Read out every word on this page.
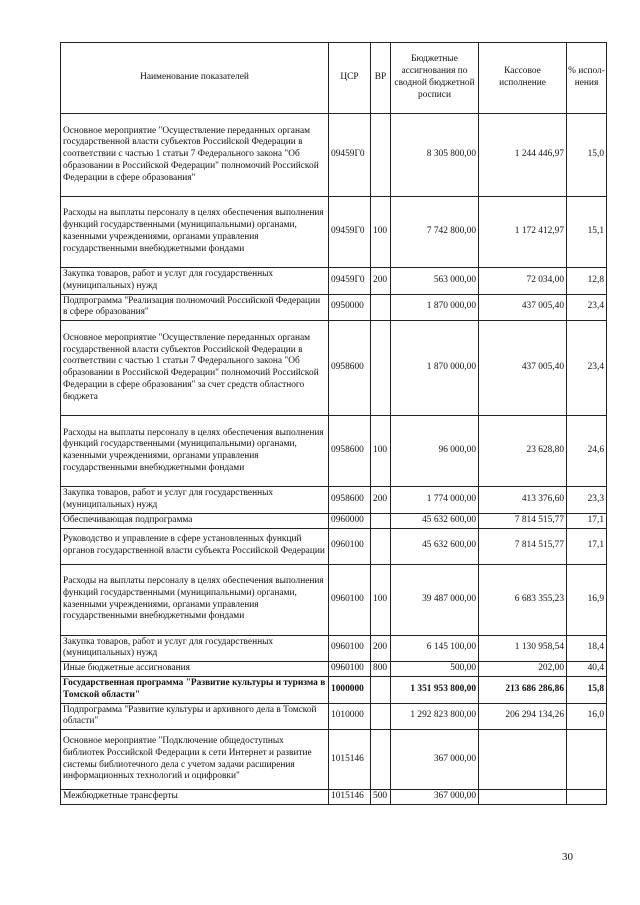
Наименование показателей	ЦСР	ВР	Бюджетные ассигнования по сводной бюджетной росписи	Кассовое исполнение	% испол-нения
Основное мероприятие "Осуществление переданных органам государственной власти субъектов Российской Федерации в соответствии с частью 1 статьи 7 Федерального закона "Об образовании в Российской Федерации" полномочий Российской Федерации в сфере образования"	09459Г0		8 305 800,00	1 244 446,97	15,0
Расходы на выплаты персоналу в целях обеспечения выполнения функций государственными (муниципальными) органами, казенными учреждениями, органами управления государственными внебюджетными фондами	09459Г0	100	7 742 800,00	1 172 412,97	15,1
Закупка товаров, работ и услуг для государственных (муниципальных) нужд	09459Г0	200	563 000,00	72 034,00	12,8
Подпрограмма "Реализация полномочий Российской Федерации в сфере образования"	0950000		1 870 000,00	437 005,40	23,4
Основное мероприятие "Осуществление переданных органам государственной власти субъектов Российской Федерации в соответствии с частью 1 статьи 7 Федерального закона "Об образовании в Российской Федерации" полномочий Российской Федерации в сфере образования" за счет средств областного бюджета	0958600		1 870 000,00	437 005,40	23,4
Расходы на выплаты персоналу в целях обеспечения выполнения функций государственными (муниципальными) органами, казенными учреждениями, органами управления государственными внебюджетными фондами	0958600	100	96 000,00	23 628,80	24,6
Закупка товаров, работ и услуг для государственных (муниципальных) нужд	0958600	200	1 774 000,00	413 376,60	23,3
Обеспечивающая подпрограмма	0960000		45 632 600,00	7 814 515,77	17,1
Руководство и управление в сфере установленных функций органов государственной власти субъекта Российской Федерации	0960100		45 632 600,00	7 814 515,77	17,1
Расходы на выплаты персоналу в целях обеспечения выполнения функций государственными (муниципальными) органами, казенными учреждениями, органами управления государственными внебюджетными фондами	0960100	100	39 487 000,00	6 683 355,23	16,9
Закупка товаров, работ и услуг для государственных (муниципальных) нужд	0960100	200	6 145 100,00	1 130 958,54	18,4
Иные бюджетные ассигнования	0960100	800	500,00	202,00	40,4
Государственная программа "Развитие культуры и туризма в Томской области"	1000000		1 351 953 800,00	213 686 286,86	15,8
Подпрограмма "Развитие культуры и архивного дела в Томской области"	1010000		1 292 823 800,00	206 294 134,26	16,0
Основное мероприятие "Подключение общедоступных библиотек Российской Федерации к сети Интернет и развитие системы библиотечного дела с учетом задачи расширения информационных технологий и оцифровки"	1015146		367 000,00		
Межбюджетные трансферты	1015146	500	367 000,00		
30
